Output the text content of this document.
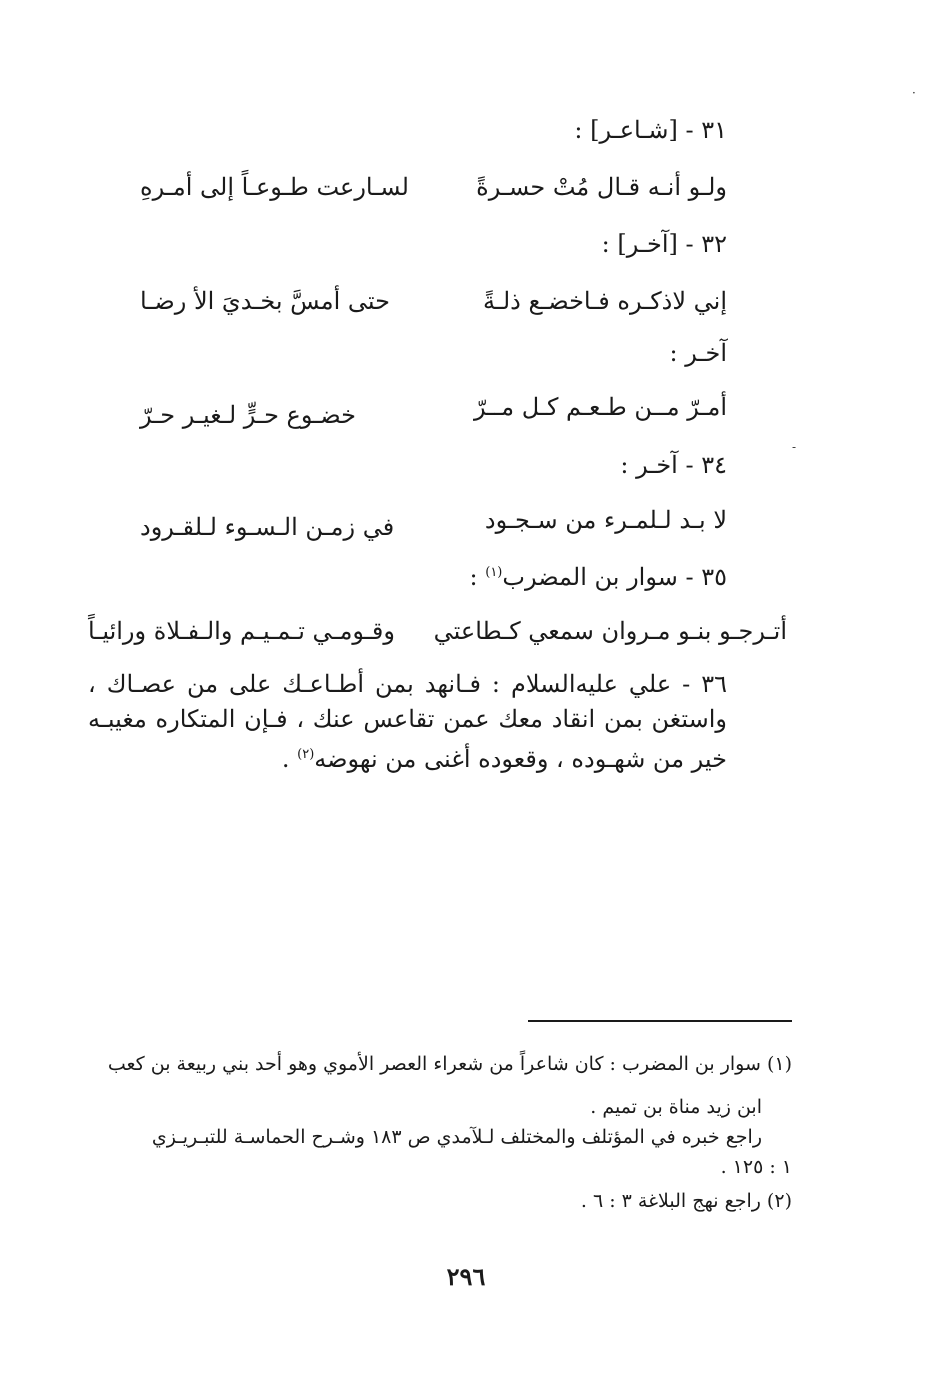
٣١ - [شـاعـر] :
ولـو أنـه قـال مُتْ حسـرةً
لسـارعت طـوعـاً إلى أمـرهِ
٣٢ - [آخـر] :
إني لاذكـره فـاخضـع ذلـةً
حتى أمسَّ بخـديَ الأ رضـا
آخـر :
أمـرّ مــن طـعـم كـل مــرّ
خضـوع حـرٍّ لـغيـر حـرّ
٣٤ - آخـر :
لا بـد لـلمـرء من سـجـود
في زمـن الـسـوء لـلقـرود
٣٥ - سوار بن المضرب$^{(١)}$ :
أتـرجـو بنـو مـروان سمعي كـطاعتي
وقـومـي تـمـيـم والـفـلاة ورائيـاً
٣٦ - علي عليه‌السلام : فـانهد بمن أطـاعـك على من عصـاك ، واستغن بمن انقاد معك عمن تقاعس عنك ، فـإن المتكاره مغيبـه خير من شهـوده ، وقعوده أغنى من نهوضه$^{(٢)}$ .
(١) سوار بن المضرب : كان شاعراً من شعراء العصر الأموي وهو أحد بني ربيعة بن كعب
ابن زيد مناة بن تميم .
راجع خبره في المؤتلف والمختلف لـلآمدي ص ١٨٣ وشـرح الحماسـة للتبـريـزي
١ : ١٢٥ .
(٢) راجع نهج البلاغة ٣ : ٦ .
٢٩٦
·
-
